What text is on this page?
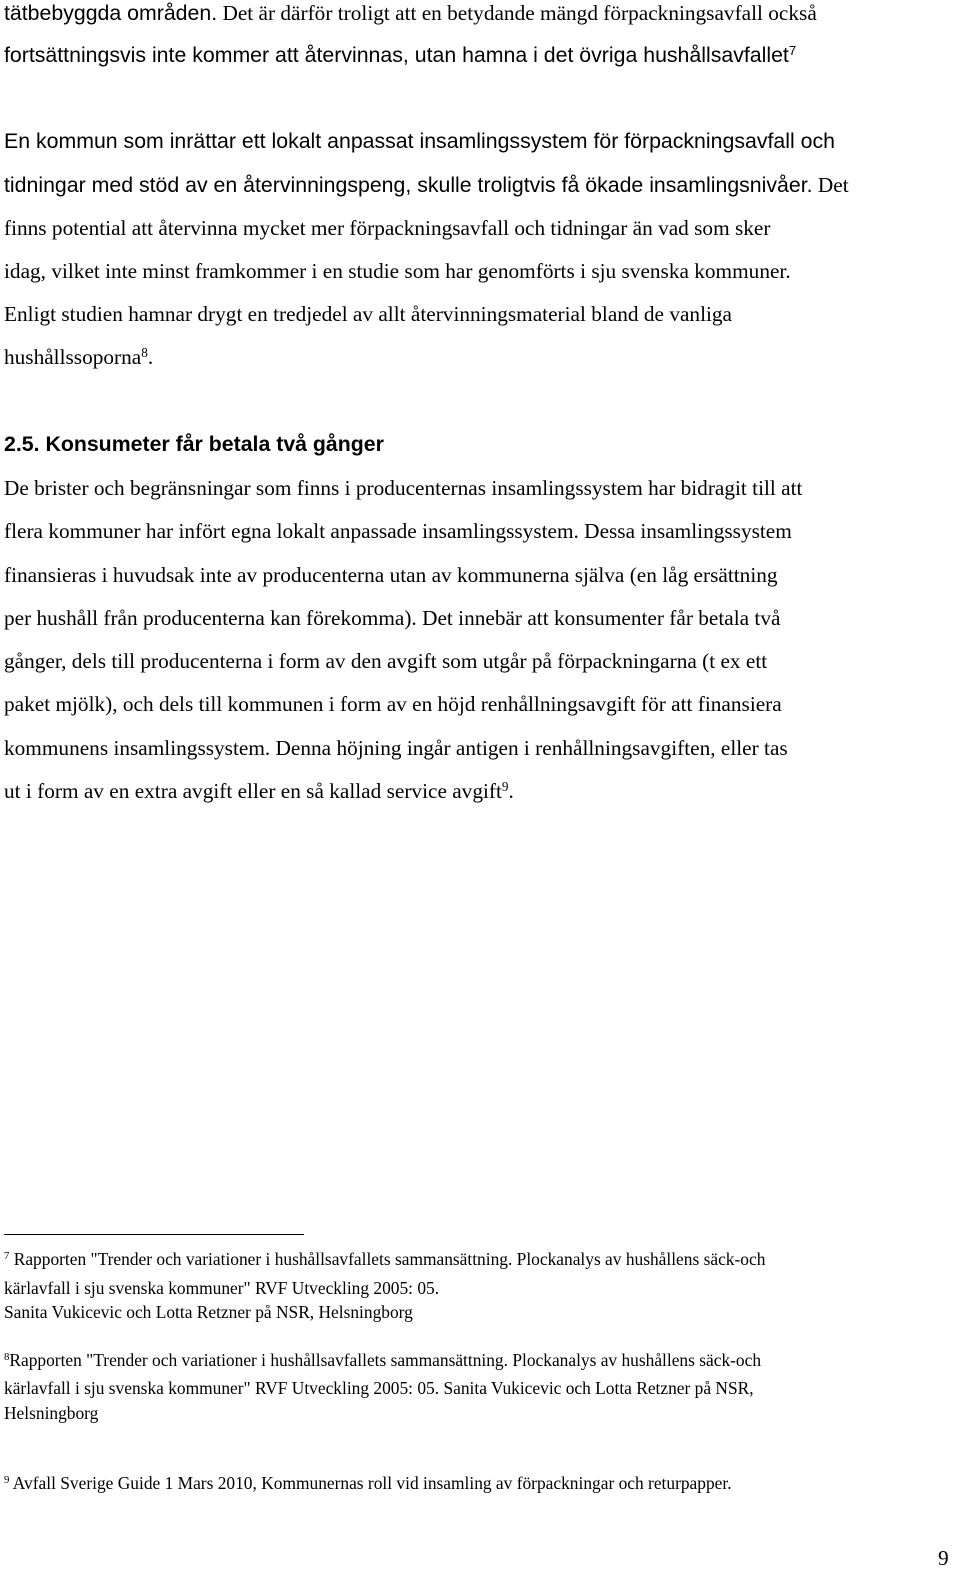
tätbebyggda områden. Det är därför troligt att en betydande mängd förpackningsavfall också
fortsättningsvis inte kommer att återvinnas, utan hamna i det övriga hushållsavfallet$^7$
En kommun som inrättar ett lokalt anpassat insamlingssystem för förpackningsavfall och
tidningar med stöd av en återvinningspeng, skulle troligtvis få ökade insamlingsnivåer. Det
finns potential att återvinna mycket mer förpackningsavfall och tidningar än vad som sker
idag, vilket inte minst framkommer i en studie som har genomförts i sju svenska kommuner.
Enligt studien hamnar drygt en tredjedel av allt återvinningsmaterial bland de vanliga
hushållssoporna$^8$.
2.5. Konsumeter får betala två gånger
De brister och begränsningar som finns i producenternas insamlingssystem har bidragit till att
flera kommuner har infört egna lokalt anpassade insamlingssystem. Dessa insamlingssystem
finansieras i huvudsak inte av producenterna utan av kommunerna själva (en låg ersättning
per hushåll från producenterna kan förekomma). Det innebär att konsumenter får betala två
gånger, dels till producenterna i form av den avgift som utgår på förpackningarna (t ex ett
paket mjölk), och dels till kommunen i form av en höjd renhållningsavgift för att finansiera
kommunens insamlingssystem. Denna höjning ingår antigen i renhållningsavgiften, eller tas
ut i form av en extra avgift eller en så kallad service avgift$^9$.
$^7$ Rapporten "Trender och variationer i hushållsavfallets sammansättning. Plockanalys av hushållens säck-och
kärlavfall i sju svenska kommuner" RVF Utveckling 2005: 05.
Sanita Vukicevic och Lotta Retzner på NSR, Helsningborg
$^8$Rapporten "Trender och variationer i hushållsavfallets sammansättning. Plockanalys av hushållens säck-och
kärlavfall i sju svenska kommuner" RVF Utveckling 2005: 05. Sanita Vukicevic och Lotta Retzner på NSR,
Helsningborg
$^9$ Avfall Sverige Guide 1 Mars 2010, Kommunernas roll vid insamling av förpackningar och returpapper.
9
